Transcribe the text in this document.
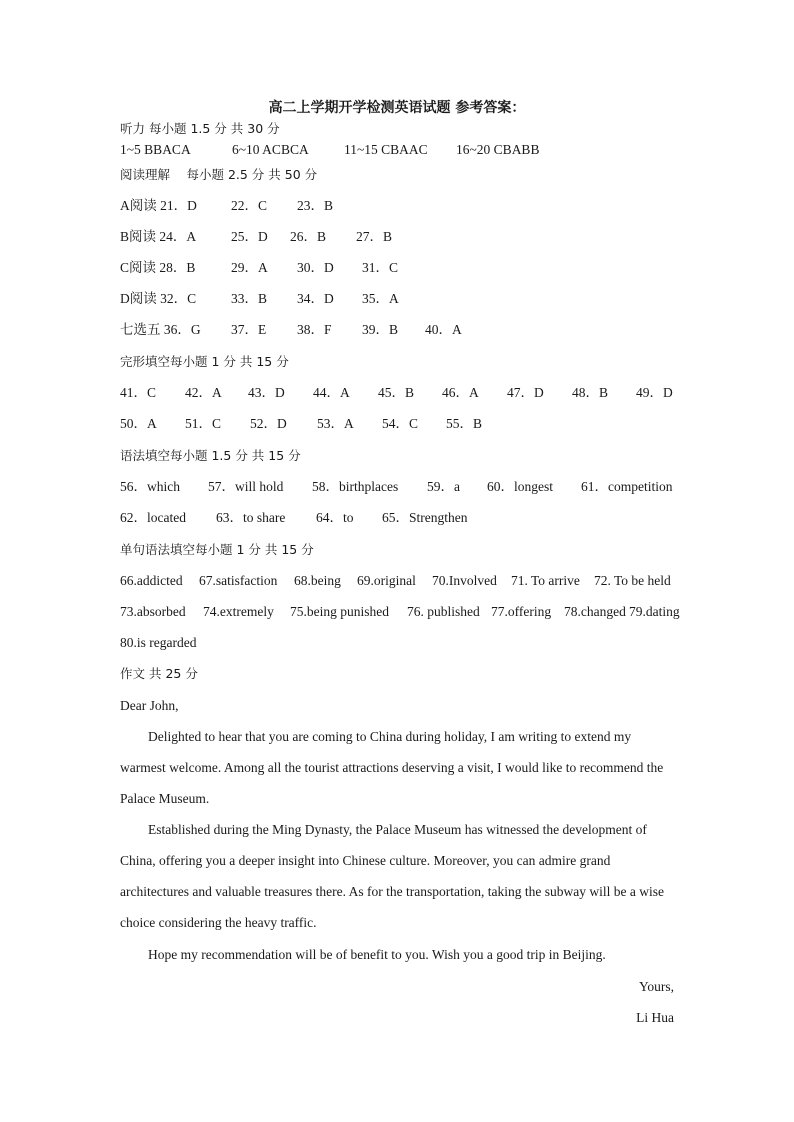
高二上学期开学检测英语试题 参考答案：
听力 每小题 1.5 分 共 30 分
1~5 BBACA	6~10 ACBCA	11~15 CBAAC 16~20 CBABB
阅读理解　 每小题 2.5 分 共 50 分
A阅读 21．D	22．C 23．B
B阅读 24．A	25．D 26．B 27．B
C阅读 28．B	29．A 30．D 31．C
D阅读 32．C	33．B 34．D 35．A
七选五 36．G 37．E 38．F 39．B 40．A
完形填空每小题 1 分 共 15 分
41．C 42．A 43．D 44．A 45．B 46．A 47．D 48．B 49．D
50．A 51．C 52．D 53．A 54．C 55．B
语法填空每小题 1.5 分 共 15 分
56．which 57．will hold 58．birthplaces 59．a 60．longest 61．competition
62．located 63．to share 64．to 65．Strengthen
单句语法填空每小题 1 分 共 15 分
66.addicted 67.satisfaction 68.being 69.original 70.Involved 71. To arrive 72. To be held
73.absorbed 74.extremely 75.being punished 76. published 77.offering 78.changed 79.dating
80.is regarded
作文 共 25 分
Dear John,
Delighted to hear that you are coming to China during holiday, I am writing to extend my warmest welcome. Among all the tourist attractions deserving a visit, I would like to recommend the Palace Museum.
Established during the Ming Dynasty, the Palace Museum has witnessed the development of China, offering you a deeper insight into Chinese culture. Moreover, you can admire grand architectures and valuable treasures there. As for the transportation, taking the subway will be a wise choice considering the heavy traffic.
Hope my recommendation will be of benefit to you. Wish you a good trip in Beijing.
Yours,
Li Hua
